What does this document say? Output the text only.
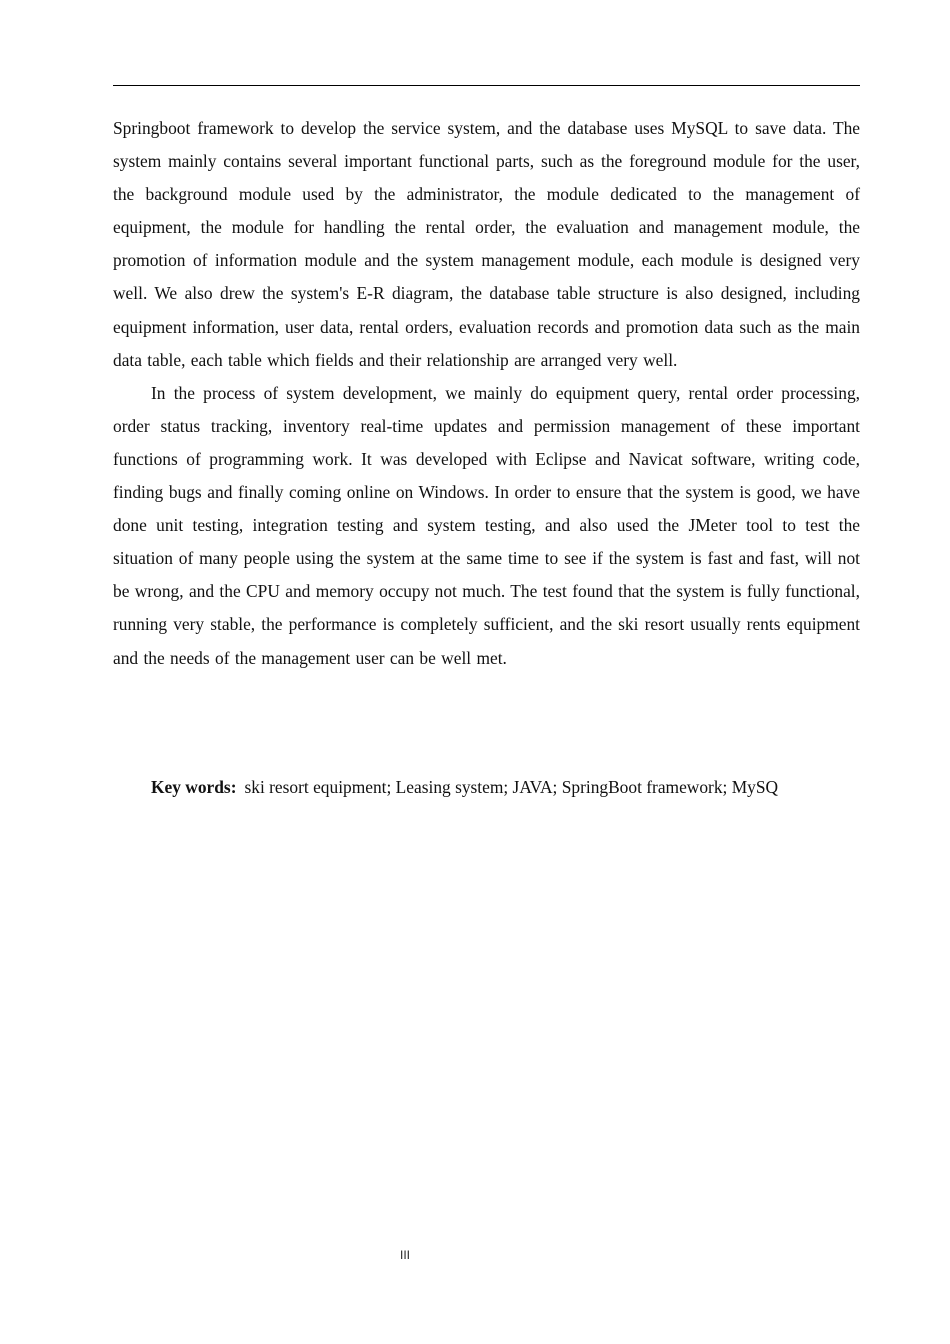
Springboot framework to develop the service system, and the database uses MySQL to save data. The system mainly contains several important functional parts, such as the foreground module for the user, the background module used by the administrator, the module dedicated to the management of equipment, the module for handling the rental order, the evaluation and management module, the promotion of information module and the system management module, each module is designed very well. We also drew the system's E-R diagram, the database table structure is also designed, including equipment information, user data, rental orders, evaluation records and promotion data such as the main data table, each table which fields and their relationship are arranged very well.

In the process of system development, we mainly do equipment query, rental order processing, order status tracking, inventory real-time updates and permission management of these important functions of programming work. It was developed with Eclipse and Navicat software, writing code, finding bugs and finally coming online on Windows. In order to ensure that the system is good, we have done unit testing, integration testing and system testing, and also used the JMeter tool to test the situation of many people using the system at the same time to see if the system is fast and fast, will not be wrong, and the CPU and memory occupy not much. The test found that the system is fully functional, running very stable, the performance is completely sufficient, and the ski resort usually rents equipment and the needs of the management user can be well met.

Key words: ski resort equipment; Leasing system; JAVA; SpringBoot framework; MySQ
III
